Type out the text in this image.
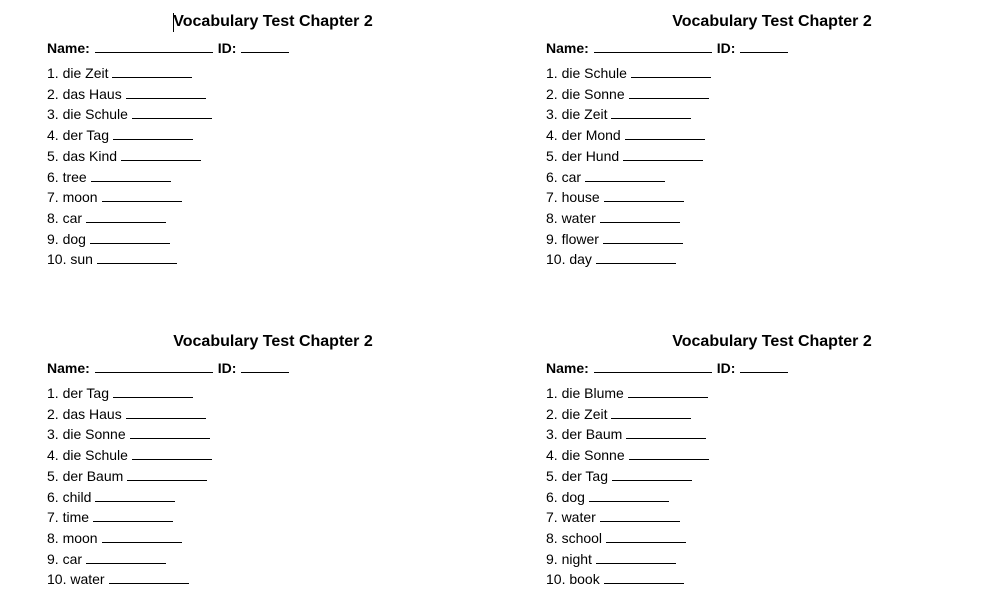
Vocabulary Test Chapter 2
Name:	ID:
1. die Zeit
2. das Haus
3. die Schule
4. der Tag
5. das Kind
6. tree
7. moon
8. car
9. dog
10. sun
Vocabulary Test Chapter 2
Name:	ID:
1. die Schule
2. die Sonne
3. die Zeit
4. der Mond
5. der Hund
6. car
7. house
8. water
9. flower
10. day
Vocabulary Test Chapter 2
Name:	ID:
1. der Tag
2. das Haus
3. die Sonne
4. die Schule
5. der Baum
6. child
7. time
8. moon
9. car
10. water
Vocabulary Test Chapter 2
Name:	ID:
1. die Blume
2. die Zeit
3. der Baum
4. die Sonne
5. der Tag
6. dog
7. water
8. school
9. night
10. book
